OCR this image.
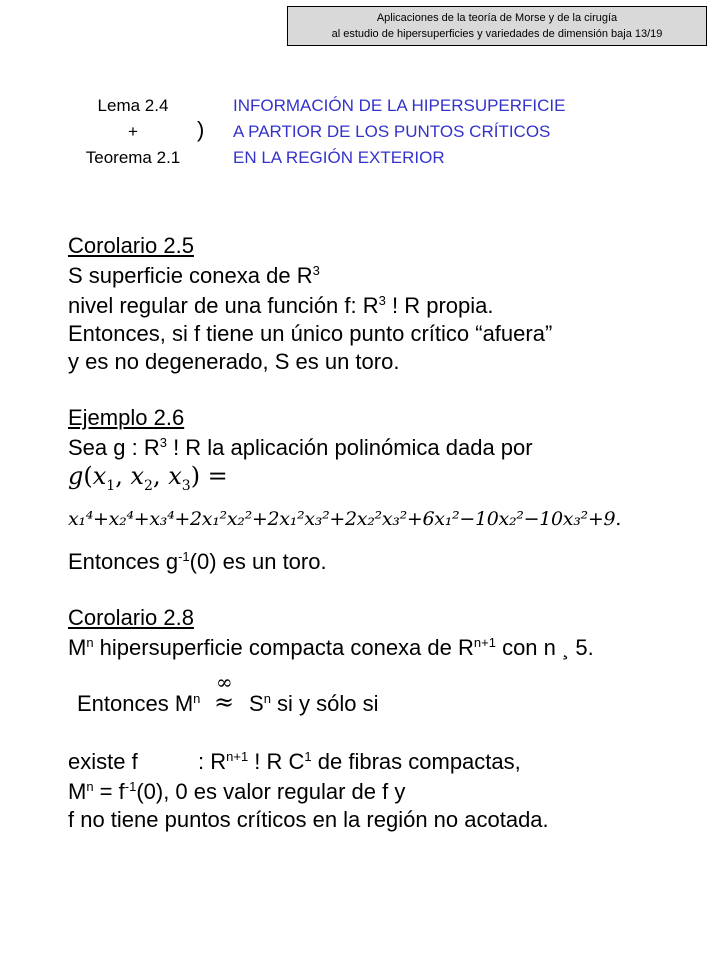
Aplicaciones de la teoría de Morse y de la cirugía
al estudio de hipersuperficies y variedades de dimensión baja 13/19
Lema 2.4
+
Teorema 2.1
)
INFORMACIÓN DE LA HIPERSUPERFICIE
A PARTIOR DE LOS PUNTOS CRÍTICOS
EN LA REGIÓN EXTERIOR
Corolario 2.5
S superficie conexa de $R^3$
nivel regular de una función f: $R^3$ ! R propia.
Entonces, si f tiene un único punto crítico “afuera”
y es no degenerado, S es un toro.
Ejemplo 2.6
Sea g : $R^3$ ! R la aplicación polinómica dada por
$g(x_1$, $x_2$, $x_3$) =
x₁⁴+x₂⁴+x₃⁴+2x₁²x₂²+2x₁²x₃²+2x₂²x₃²+6x₁²−10x₂²−10x₃²+9.
Entonces $g^{-1}(0)$ es un toro.
Corolario 2.8
$M^n$ hipersuperficie compacta conexa de $R^{n+1}$ con n ¸ 5.
Entonces $M^n$
∞
≈ $S^n$ si y sólo si
existe f	: $R^{n+1}$ ! R $C^1$ de fibras compactas,
$M^n = f^{-1}(0)$, 0 es valor regular de f y
f no tiene puntos críticos en la región no acotada.
